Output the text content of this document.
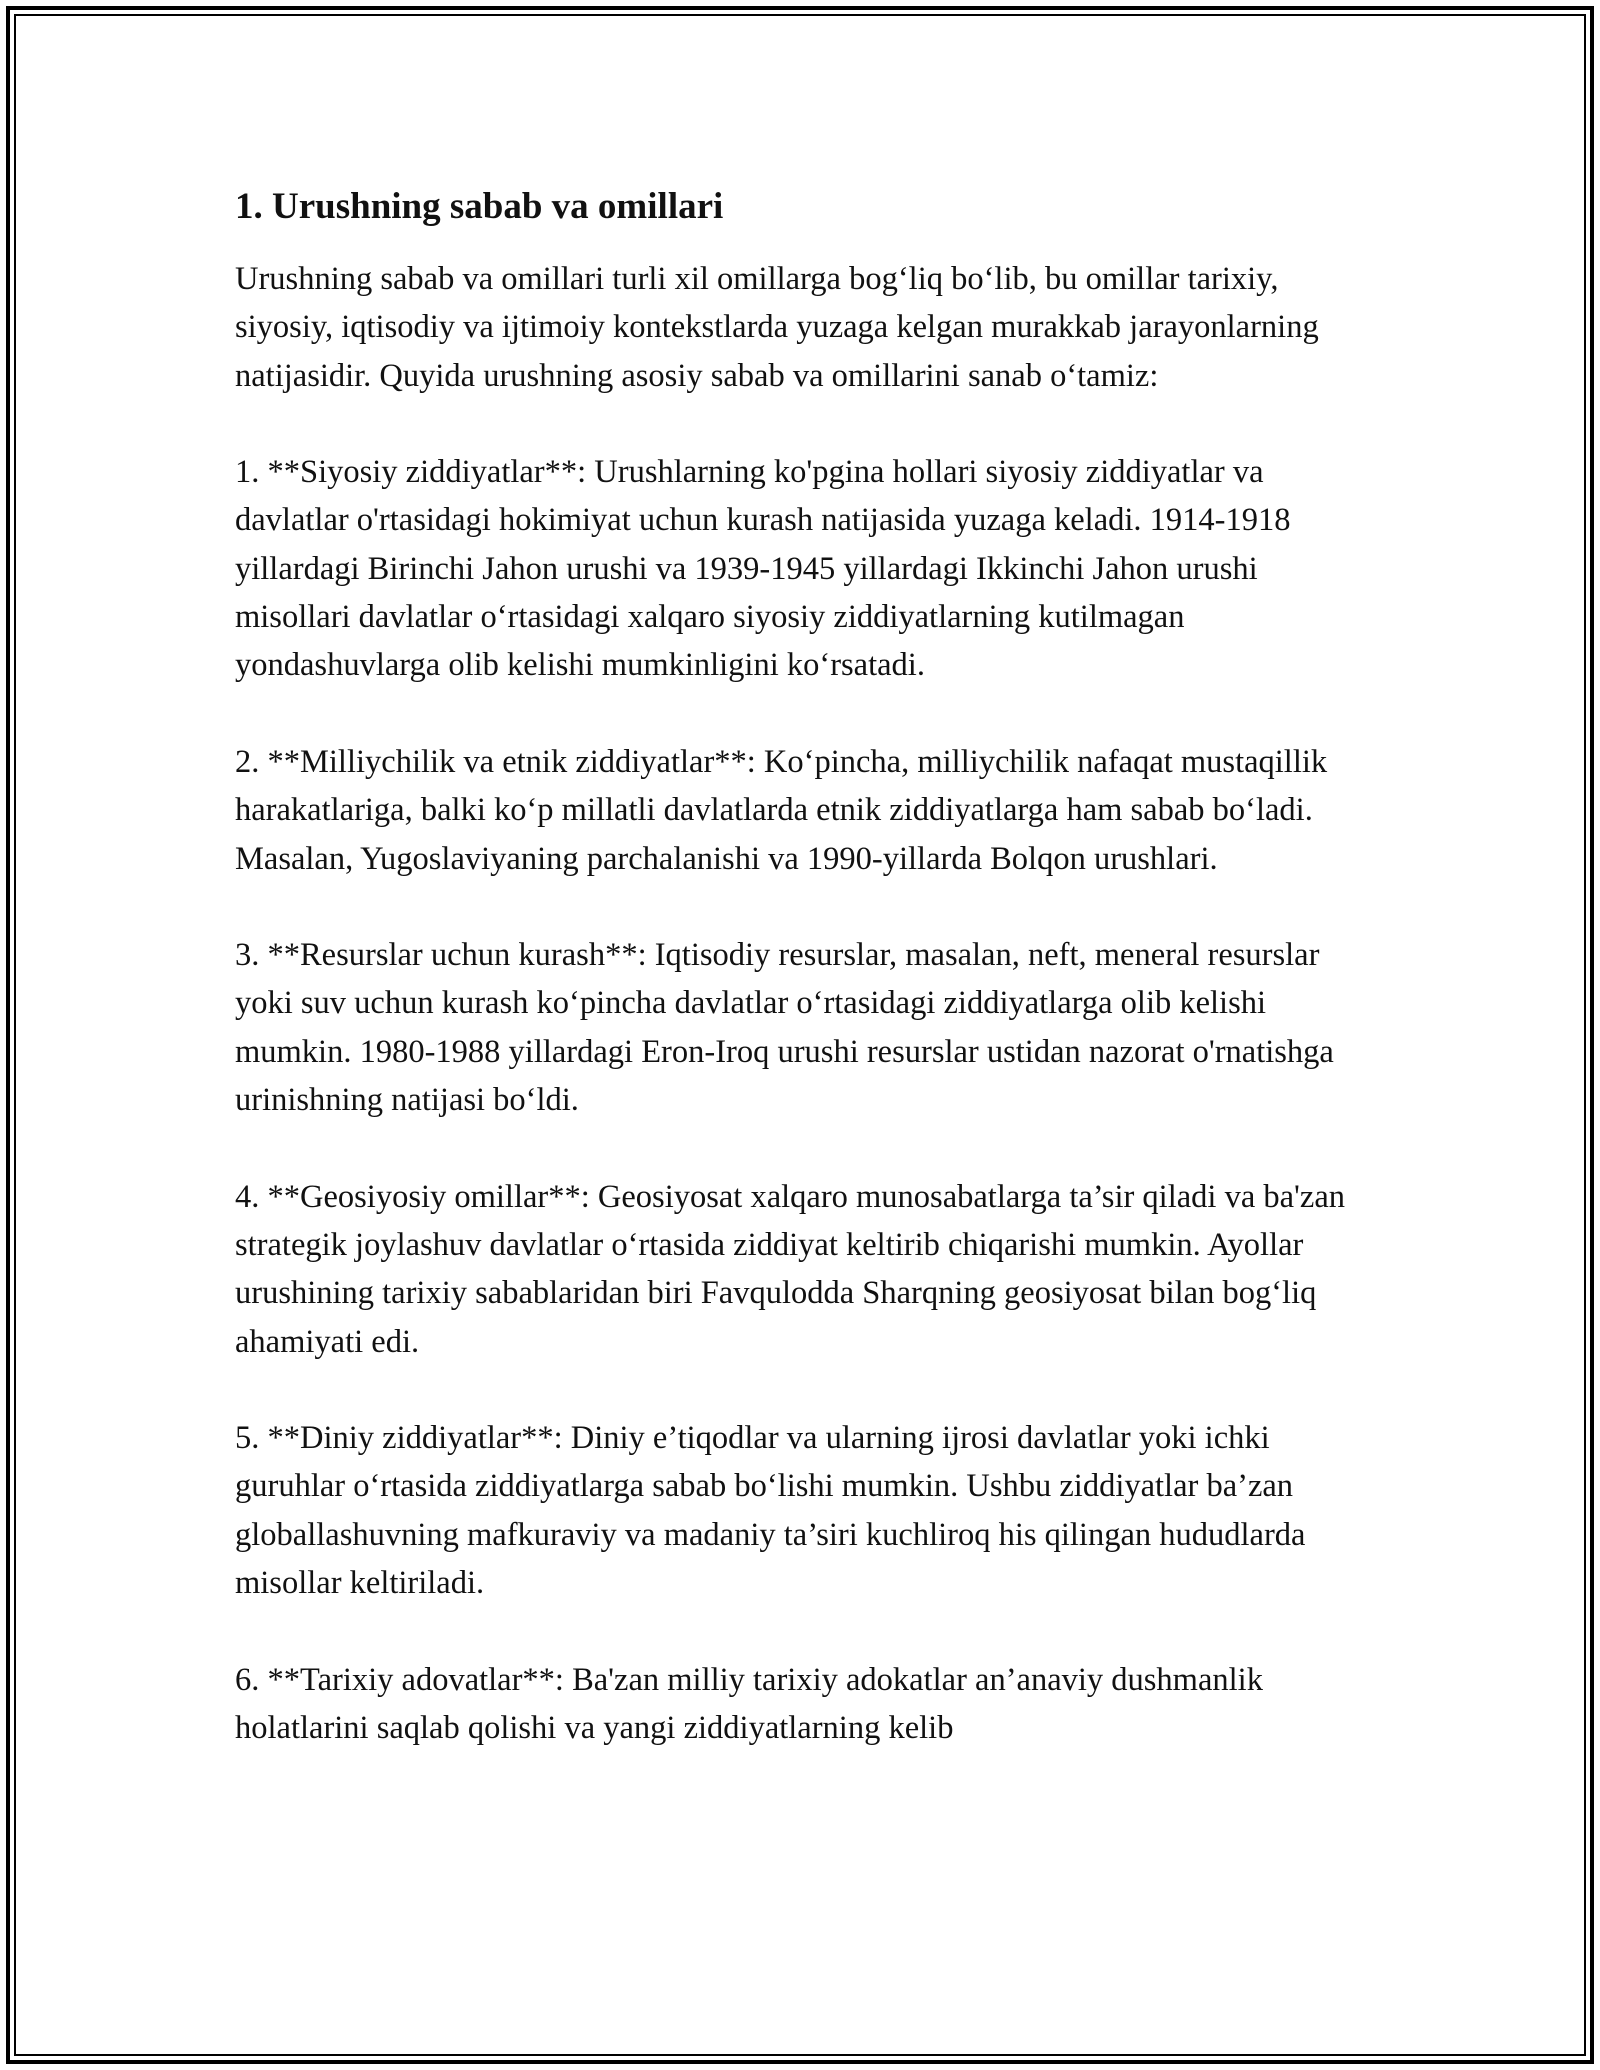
1. Urushning sabab va omillari

Urushning sabab va omillari turli xil omillarga bog‘liq bo‘lib, bu omillar tarixiy, siyosiy, iqtisodiy va ijtimoiy kontekstlarda yuzaga kelgan murakkab jarayonlarning natijasidir. Quyida urushning asosiy sabab va omillarini sanab o‘tamiz:

1. **Siyosiy ziddiyatlar**: Urushlarning ko'pgina hollari siyosiy ziddiyatlar va davlatlar o'rtasidagi hokimiyat uchun kurash natijasida yuzaga keladi. 1914-1918 yillardagi Birinchi Jahon urushi va 1939-1945 yillardagi Ikkinchi Jahon urushi misollari davlatlar o‘rtasidagi xalqaro siyosiy ziddiyatlarning kutilmagan yondashuvlarga olib kelishi mumkinligini ko‘rsatadi.

2. **Milliychilik va etnik ziddiyatlar**: Ko‘pincha, milliychilik nafaqat mustaqillik harakatlariga, balki ko‘p millatli davlatlarda etnik ziddiyatlarga ham sabab bo‘ladi. Masalan, Yugoslaviyaning parchalanishi va 1990-yillarda Bolqon urushlari.

3. **Resurslar uchun kurash**: Iqtisodiy resurslar, masalan, neft, meneral resurslar yoki suv uchun kurash ko‘pincha davlatlar o‘rtasidagi ziddiyatlarga olib kelishi mumkin. 1980-1988 yillardagi Eron-Iroq urushi resurslar ustidan nazorat o'rnatishga urinishning natijasi bo‘ldi.

4. **Geosiyosiy omillar**: Geosiyosat xalqaro munosabatlarga ta’sir qiladi va ba'zan strategik joylashuv davlatlar o‘rtasida ziddiyat keltirib chiqarishi mumkin. Ayollar urushining tarixiy sabablaridan biri Favqulodda Sharqning geosiyosat bilan bog‘liq ahamiyati edi.

5. **Diniy ziddiyatlar**: Diniy e’tiqodlar va ularning ijrosi davlatlar yoki ichki guruhlar o‘rtasida ziddiyatlarga sabab bo‘lishi mumkin. Ushbu ziddiyatlar ba’zan globallashuvning mafkuraviy va madaniy ta’siri kuchliroq his qilingan hududlarda misollar keltiriladi.

6. **Tarixiy adovatlar**: Ba'zan milliy tarixiy adokatlar an’anaviy dushmanlik holatlarini saqlab qolishi va yangi ziddiyatlarning kelib
